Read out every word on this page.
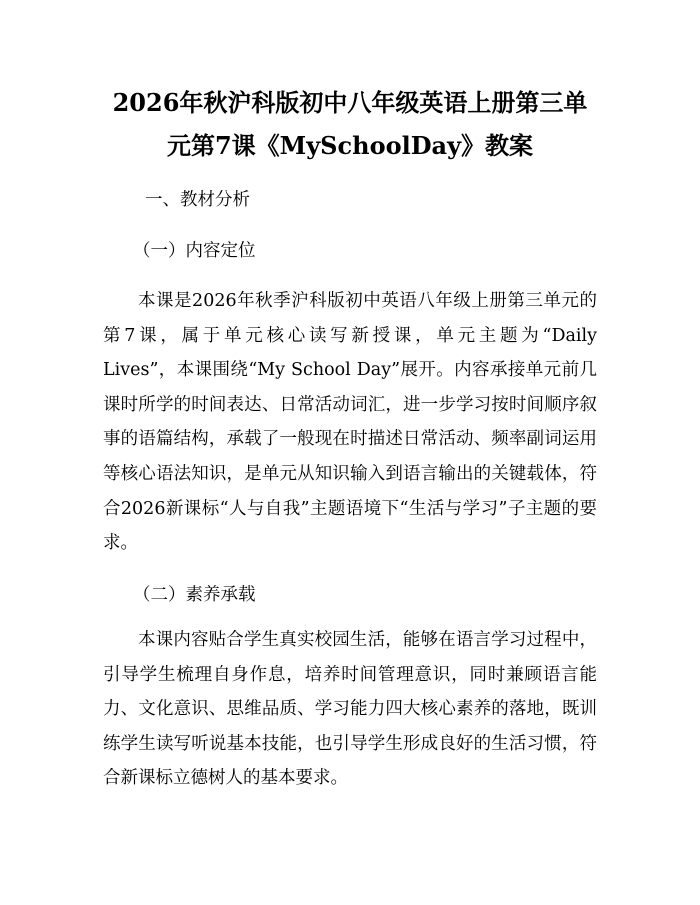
2026年秋沪科版初中八年级英语上册第三单
元第7课《MySchoolDay》教案

一、教材分析

（一）内容定位

本课是2026年秋季沪科版初中英语八年级上册第三单元的第7课，属于单元核心读写新授课，单元主题为“Daily Lives”，本课围绕“My School Day”展开。内容承接单元前几课时所学的时间表达、日常活动词汇，进一步学习按时间顺序叙事的语篇结构，承载了一般现在时描述日常活动、频率副词运用等核心语法知识，是单元从知识输入到语言输出的关键载体，符合2026新课标“人与自我”主题语境下“生活与学习”子主题的要求。

（二）素养承载

本课内容贴合学生真实校园生活，能够在语言学习过程中，引导学生梳理自身作息，培养时间管理意识，同时兼顾语言能力、文化意识、思维品质、学习能力四大核心素养的落地，既训练学生读写听说基本技能，也引导学生形成良好的生活习惯，符合新课标立德树人的基本要求。
